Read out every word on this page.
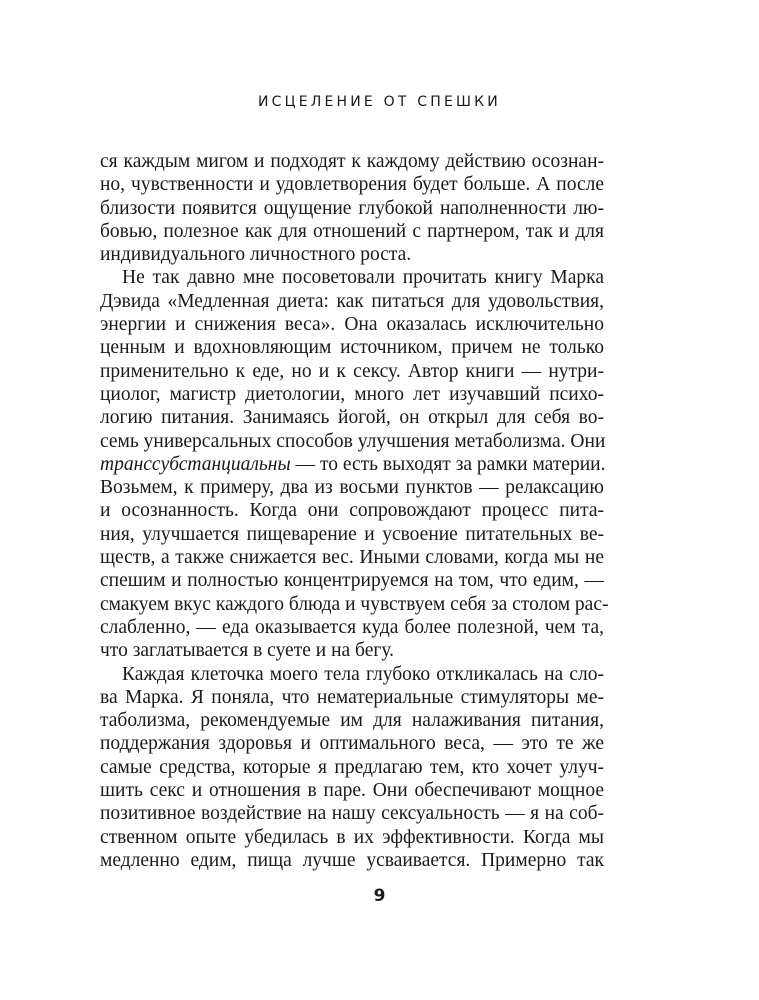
ИСЦЕЛЕНИЕ ОТ СПЕШКИ
ся каждым мигом и подходят к каждому действию осознан-
но, чувственности и удовлетворения будет больше. А после
близости появится ощущение глубокой наполненности лю-
бовью, полезное как для отношений с партнером, так и для
индивидуального личностного роста.
Не так давно мне посоветовали прочитать книгу Марка
Дэвида «Медленная диета: как питаться для удовольствия,
энергии и снижения веса». Она оказалась исключительно
ценным и вдохновляющим источником, причем не только
применительно к еде, но и к сексу. Автор книги — нутри-
циолог, магистр диетологии, много лет изучавший психо-
логию питания. Занимаясь йогой, он открыл для себя во-
семь универсальных способов улучшения метаболизма. Они
трансcубстанциальны — то есть выходят за рамки материи.
Возьмем, к примеру, два из восьми пунктов — релаксацию
и осознанность. Когда они сопровождают процесс пита-
ния, улучшается пищеварение и усвоение питательных ве-
ществ, а также снижается вес. Иными словами, когда мы не
спешим и полностью концентрируемся на том, что едим, —
смакуем вкус каждого блюда и чувствуем себя за столом рас-
слабленно, — еда оказывается куда более полезной, чем та,
что заглатывается в суете и на бегу.
Каждая клеточка моего тела глубоко откликалась на сло-
ва Марка. Я поняла, что нематериальные стимуляторы ме-
таболизма, рекомендуемые им для налаживания питания,
поддержания здоровья и оптимального веса, — это те же
самые средства, которые я предлагаю тем, кто хочет улуч-
шить секс и отношения в паре. Они обеспечивают мощное
позитивное воздействие на нашу сексуальность — я на соб-
ственном опыте убедилась в их эффективности. Когда мы
медленно едим, пища лучше усваивается. Примерно так
9
